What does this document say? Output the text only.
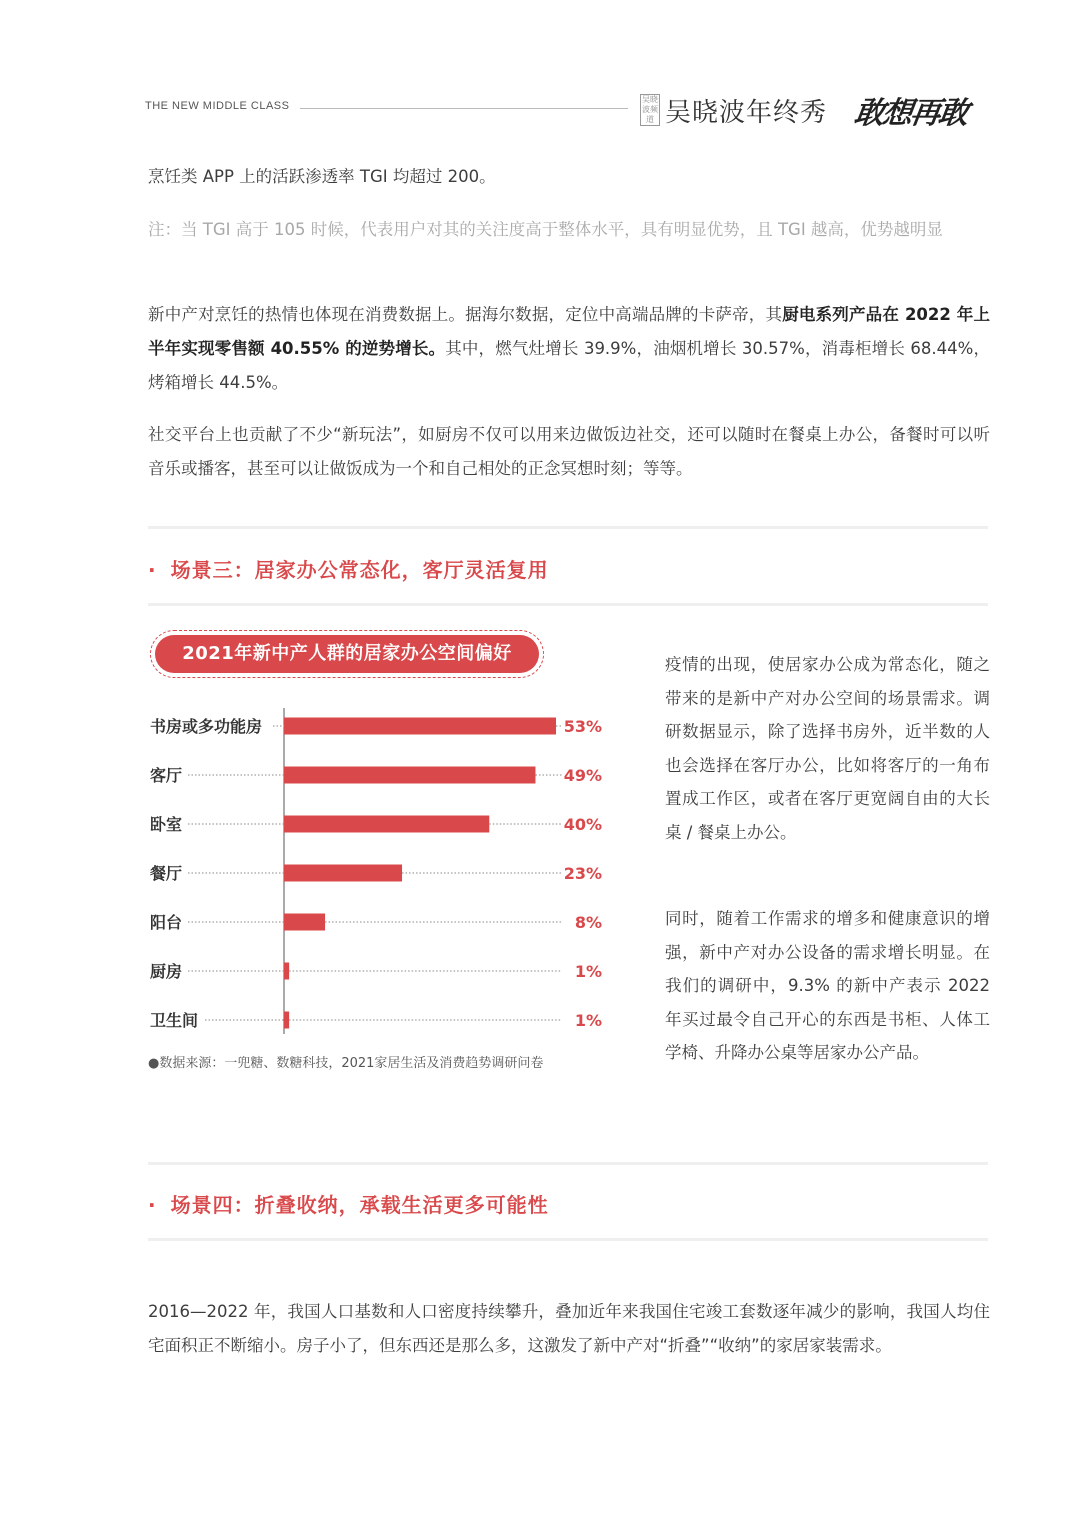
THE NEW MIDDLE CLASS
吴晓波频道 吴晓波年终秀 敢想再敢

烹饪类 APP 上的活跃渗透率 TGI 均超过 200。

注：当 TGI 高于 105 时候，代表用户对其的关注度高于整体水平，具有明显优势，且 TGI 越高，优势越明显

新中产对烹饪的热情也体现在消费数据上。据海尔数据，定位中高端品牌的卡萨帝，其厨电系列产品在 2022 年上半年实现零售额 40.55% 的逆势增长。其中，燃气灶增长 39.9%，油烟机增长 30.57%，消毒柜增长 68.44%，烤箱增长 44.5%。

社交平台上也贡献了不少“新玩法”，如厨房不仅可以用来边做饭边社交，还可以随时在餐桌上办公，备餐时可以听音乐或播客，甚至可以让做饭成为一个和自己相处的正念冥想时刻；等等。

· 场景三：居家办公常态化，客厅灵活复用
2021年新中产人群的居家办公空间偏好
书房或多功能房	53%
客厅	49%
卧室	40%
餐厅	23%
阳台	8%
厨房	1%
卫生间	1%
●数据来源：一兜糖、数糖科技，2021家居生活及消费趋势调研问卷

疫情的出现，使居家办公成为常态化，随之带来的是新中产对办公空间的场景需求。调研数据显示，除了选择书房外，近半数的人也会选择在客厅办公，比如将客厅的一角布置成工作区，或者在客厅更宽阔自由的大长桌 / 餐桌上办公。

同时，随着工作需求的增多和健康意识的增强，新中产对办公设备的需求增长明显。在我们的调研中，9.3% 的新中产表示 2022 年买过最令自己开心的东西是书柜、人体工学椅、升降办公桌等居家办公产品。

· 场景四：折叠收纳，承载生活更多可能性

2016—2022 年，我国人口基数和人口密度持续攀升，叠加近年来我国住宅竣工套数逐年减少的影响，我国人均住宅面积正不断缩小。房子小了，但东西还是那么多，这激发了新中产对“折叠”“收纳”的家居家装需求。
